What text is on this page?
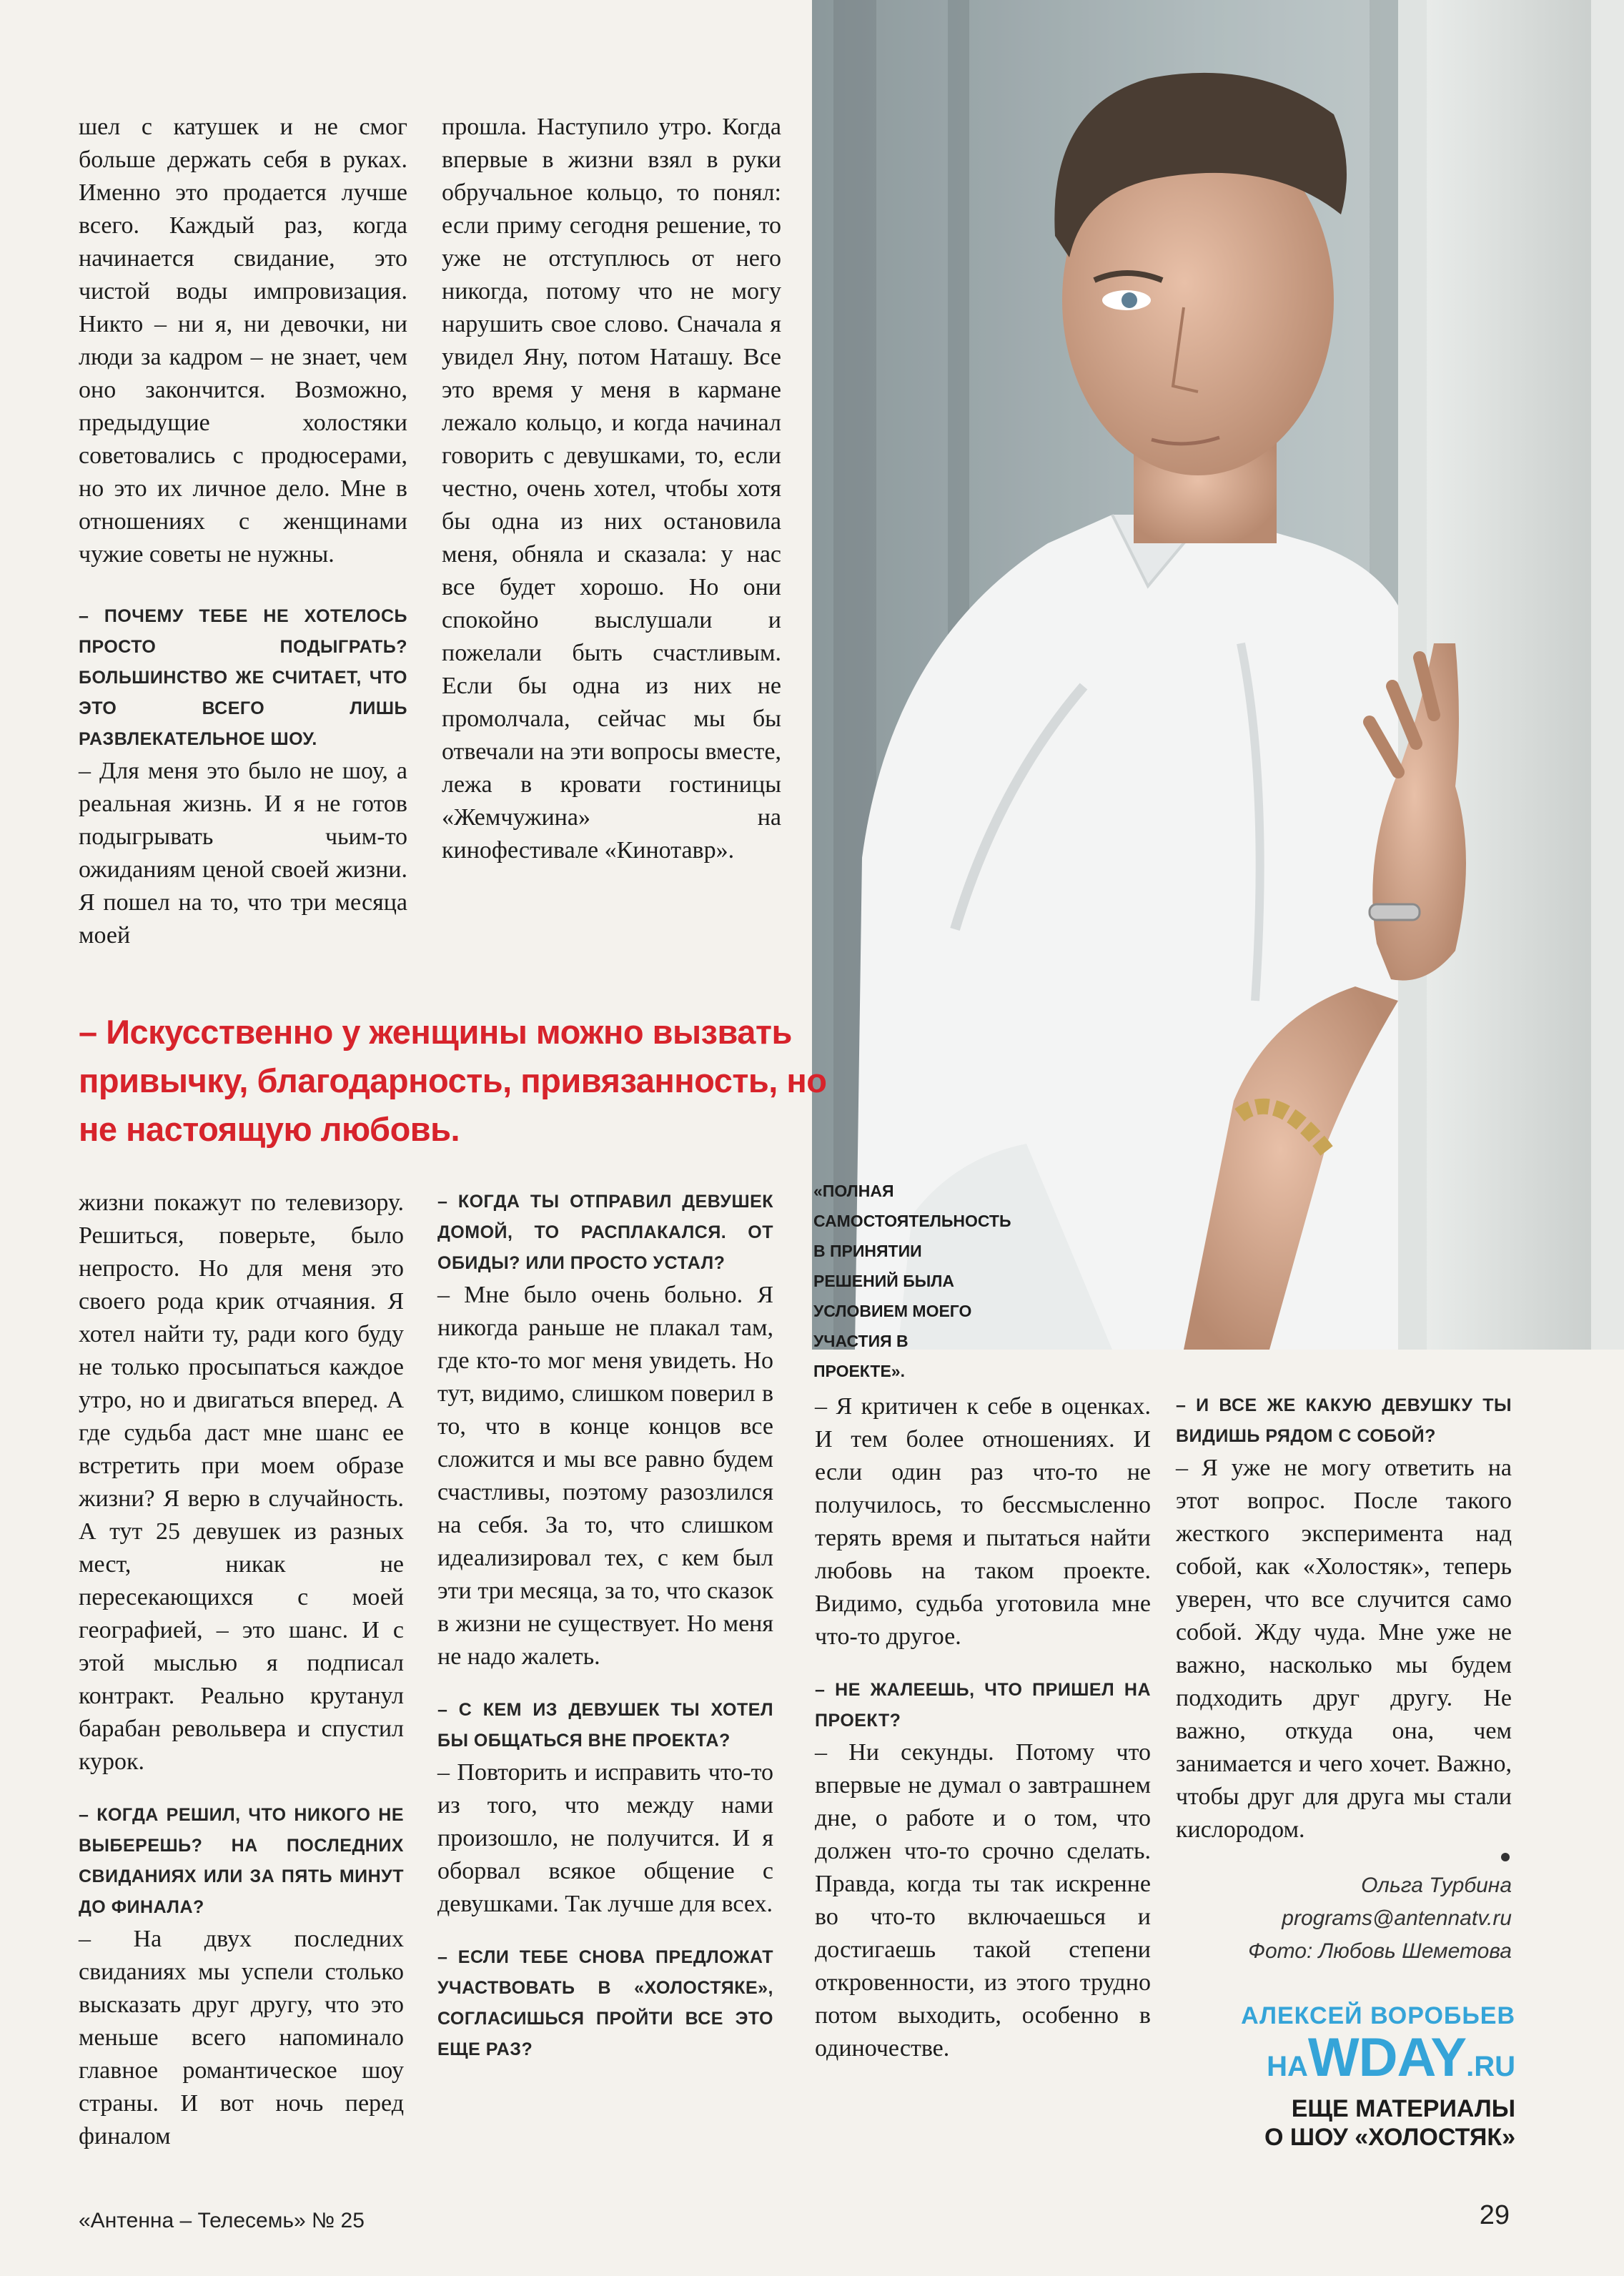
шел с катушек и не смог больше держать себя в руках. Именно это продается лучше всего. Каждый раз, когда начинается свидание, это чистой воды импровизация. Никто – ни я, ни девочки, ни люди за кадром – не знает, чем оно закончится. Возможно, предыдущие холостяки советовались с продюсерами, но это их личное дело. Мне в отношениях с женщинами чужие советы не нужны.

– ПОЧЕМУ ТЕБЕ НЕ ХОТЕЛОСЬ ПРОСТО ПОДЫГРАТЬ? БОЛЬШИНСТВО ЖЕ СЧИТАЕТ, ЧТО ЭТО ВСЕГО ЛИШЬ РАЗВЛЕКАТЕЛЬНОЕ ШОУ.

– Для меня это было не шоу, а реальная жизнь. И я не готов подыгрывать чьим-то ожиданиям ценой своей жизни. Я пошел на то, что три месяца моей

прошла. Наступило утро. Когда впервые в жизни взял в руки обручальное кольцо, то понял: если приму сегодня решение, то уже не отступлюсь от него никогда, потому что не могу нарушить свое слово. Сначала я увидел Яну, потом Наташу. Все это время у меня в кармане лежало кольцо, и когда начинал говорить с девушками, то, если честно, очень хотел, чтобы хотя бы одна из них остановила меня, обняла и сказала: у нас все будет хорошо. Но они спокойно выслушали и пожелали быть счастливым. Если бы одна из них не промолчала, сейчас мы бы отвечали на эти вопросы вместе, лежа в кровати гостиницы «Жемчужина» на кинофестивале «Кинотавр».

– Искусственно у женщины можно вызвать привычку, благодарность, привязанность, но не настоящую любовь.
«ПОЛНАЯ САМОСТОЯТЕЛЬНОСТЬ В ПРИНЯТИИ РЕШЕНИЙ БЫЛА УСЛОВИЕМ МОЕГО УЧАСТИЯ В ПРОЕКТЕ».

жизни покажут по телевизору. Решиться, поверьте, было непросто. Но для меня это своего рода крик отчаяния. Я хотел найти ту, ради кого буду не только просыпаться каждое утро, но и двигаться вперед. А где судьба даст мне шанс ее встретить при моем образе жизни? Я верю в случайность. А тут 25 девушек из разных мест, никак не пересекающихся с моей географией, – это шанс. И с этой мыслью я подписал контракт. Реально крутанул барабан револьвера и спустил курок.

– КОГДА РЕШИЛ, ЧТО НИКОГО НЕ ВЫБЕРЕШЬ? НА ПОСЛЕДНИХ СВИДАНИЯХ ИЛИ ЗА ПЯТЬ МИНУТ ДО ФИНАЛА?

– На двух последних свиданиях мы успели столько высказать друг другу, что это меньше всего напоминало главное романтическое шоу страны. И вот ночь перед финалом

– КОГДА ТЫ ОТПРАВИЛ ДЕВУШЕК ДОМОЙ, ТО РАСПЛАКАЛСЯ. ОТ ОБИДЫ? ИЛИ ПРОСТО УСТАЛ?

– Мне было очень больно. Я никогда раньше не плакал там, где кто-то мог меня увидеть. Но тут, видимо, слишком поверил в то, что в конце концов все сложится и мы все равно будем счастливы, поэтому разозлился на себя. За то, что слишком идеализировал тех, с кем был эти три месяца, за то, что сказок в жизни не существует. Но меня не надо жалеть.

– С КЕМ ИЗ ДЕВУШЕК ТЫ ХОТЕЛ БЫ ОБЩАТЬСЯ ВНЕ ПРОЕКТА?

– Повторить и исправить что-то из того, что между нами произошло, не получится. И я оборвал всякое общение с девушками. Так лучше для всех.

– ЕСЛИ ТЕБЕ СНОВА ПРЕДЛОЖАТ УЧАСТВОВАТЬ В «ХОЛОСТЯКЕ», СОГЛАСИШЬСЯ ПРОЙТИ ВСЕ ЭТО ЕЩЕ РАЗ?

– Я критичен к себе в оценках. И тем более отношениях. И если один раз что-то не получилось, то бессмысленно терять время и пытаться найти любовь на таком проекте. Видимо, судьба уготовила мне что-то другое.

– НЕ ЖАЛЕЕШЬ, ЧТО ПРИШЕЛ НА ПРОЕКТ?

– Ни секунды. Потому что впервые не думал о завтрашнем дне, о работе и о том, что должен что-то срочно сделать. Правда, когда ты так искренне во что-то включаешься и достигаешь такой степени откровенности, из этого трудно потом выходить, особенно в одиночестве.

– И ВСЕ ЖЕ КАКУЮ ДЕВУШКУ ТЫ ВИДИШЬ РЯДОМ С СОБОЙ?

– Я уже не могу ответить на этот вопрос. После такого жесткого эксперимента над собой, как «Холостяк», теперь уверен, что все случится само собой. Жду чуда. Мне уже не важно, насколько мы будем подходить друг другу. Не важно, откуда она, чем занимается и чего хочет. Важно, чтобы друг для друга мы стали кислородом.

Ольга Турбина
programs@antennatv.ru
Фото: Любовь Шеметова
АЛЕКСЕЙ ВОРОБЬЕВ
НАWDAY.RU
ЕЩЕ МАТЕРИАЛЫ
О ШОУ «ХОЛОСТЯК»
«Антенна – Телесемь» № 25	29
